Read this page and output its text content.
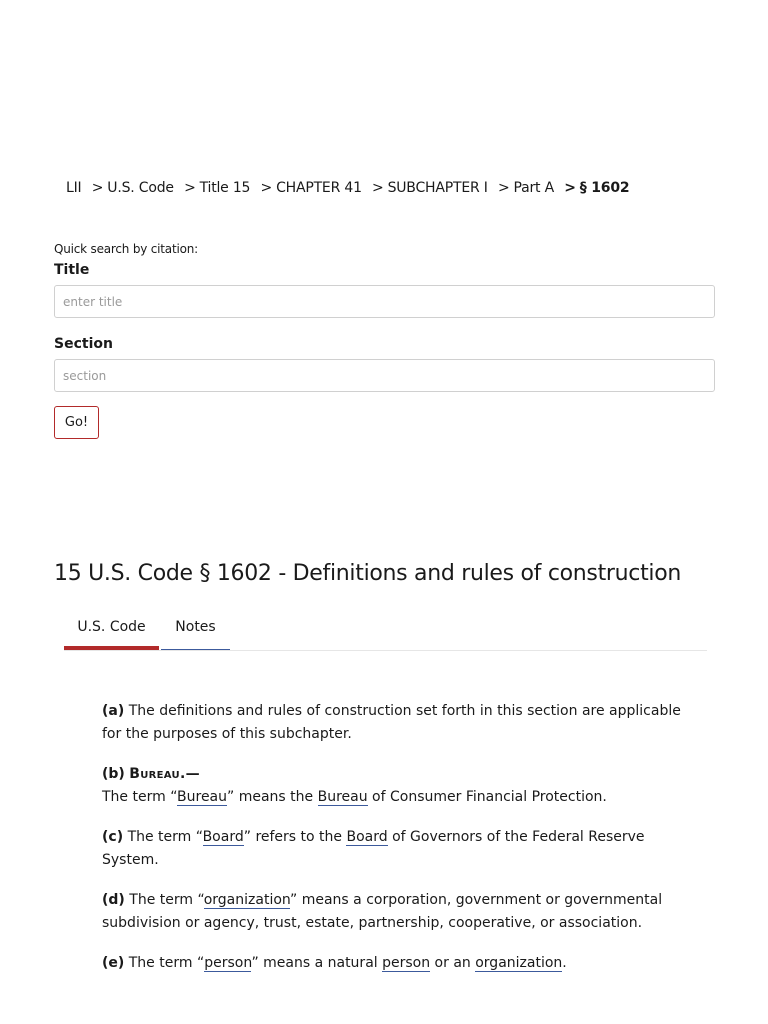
LII > U.S. Code > Title 15 > CHAPTER 41 > SUBCHAPTER I > Part A > § 1602

Quick search by citation:

Title
enter title
Section
section
Go!
15 U.S. Code § 1602 - Definitions and rules of construction
U.S. Code	Notes

(a) The definitions and rules of construction set forth in this section are applicable for the purposes of this subchapter.

(b) Bureau.—
The term “Bureau” means the Bureau of Consumer Financial Protection.

(c) The term “Board” refers to the Board of Governors of the Federal Reserve System.

(d) The term “organization” means a corporation, government or governmental subdivision or agency, trust, estate, partnership, cooperative, or association.

(e) The term “person” means a natural person or an organization.
